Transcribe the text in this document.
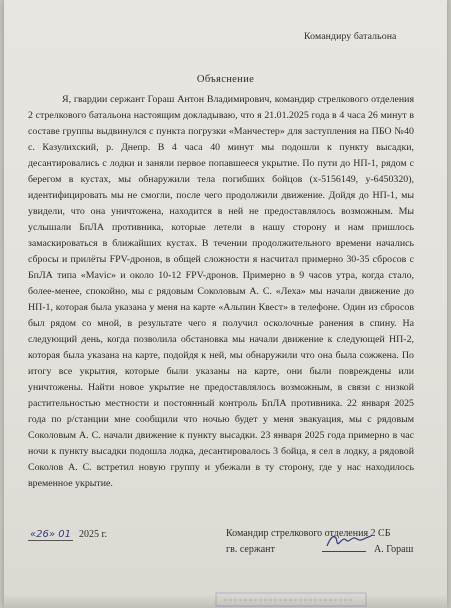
Командиру батальона
Объяснение

Я, гвардии сержант Гораш Антон Владимирович, командир стрелкового отделения 2 стрелкового батальона настоящим докладываю, что я 21.01.2025 года в 4 часа 26 минут в составе группы выдвинулся с пункта погрузки «Манчестер» для заступления на ПБО №40 с. Казулихский, р. Днепр. В 4 часа 40 минут мы подошли к пункту высадки, десантировались с лодки и заняли первое попавшееся укрытие. По пути до НП-1, рядом с берегом в кустах, мы обнаружили тела погибших бойцов (x-5156149, y-6450320), идентифицировать мы не смогли, после чего продолжили движение. Дойдя до НП-1, мы увидели, что она уничтожена, находится в ней не предоставлялось возможным. Мы услышали БпЛА противника, которые летели в нашу сторону и нам пришлось замаскироваться в ближайших кустах. В течении продолжительного времени начались сбросы и прилёты FPV-дронов, в общей сложности я насчитал примерно 30-35 сбросов с БпЛА типа «Mavic» и около 10-12 FPV-дронов. Примерно в 9 часов утра, когда стало, более-менее, спокойно, мы с рядовым Соколовым А. С. «Леха» мы начали движение до НП-1, которая была указана у меня на карте «Альпин Квест» в телефоне. Один из сбросов был рядом со мной, в результате чего я получил осколочные ранения в спину. На следующий день, когда позволила обстановка мы начали движение к следующей НП-2, которая была указана на карте, подойдя к ней, мы обнаружили что она была сожжена. По итогу все укрытия, которые были указаны на карте, они были повреждены или уничтожены. Найти новое укрытие не предоставлялось возможным, в связи с низкой растительностью местности и постоянный контроль БпЛА противника. 22 января 2025 года по р/станции мне сообщили что ночью будет у меня эвакуация, мы с рядовым Соколовым А. С. начали движение к пункту высадки. 23 января 2025 года примерно в час ночи к пункту высадки подошла лодка, десантировалось 3 бойца, я сел в лодку, а рядовой Соколов А. С. встретил новую группу и убежали в ту сторону, где у нас находилось временное укрытие.

«26» 01 2025 г.	Командир стрелкового отделения 2 СБ
гв. сержант	А. Гораш
